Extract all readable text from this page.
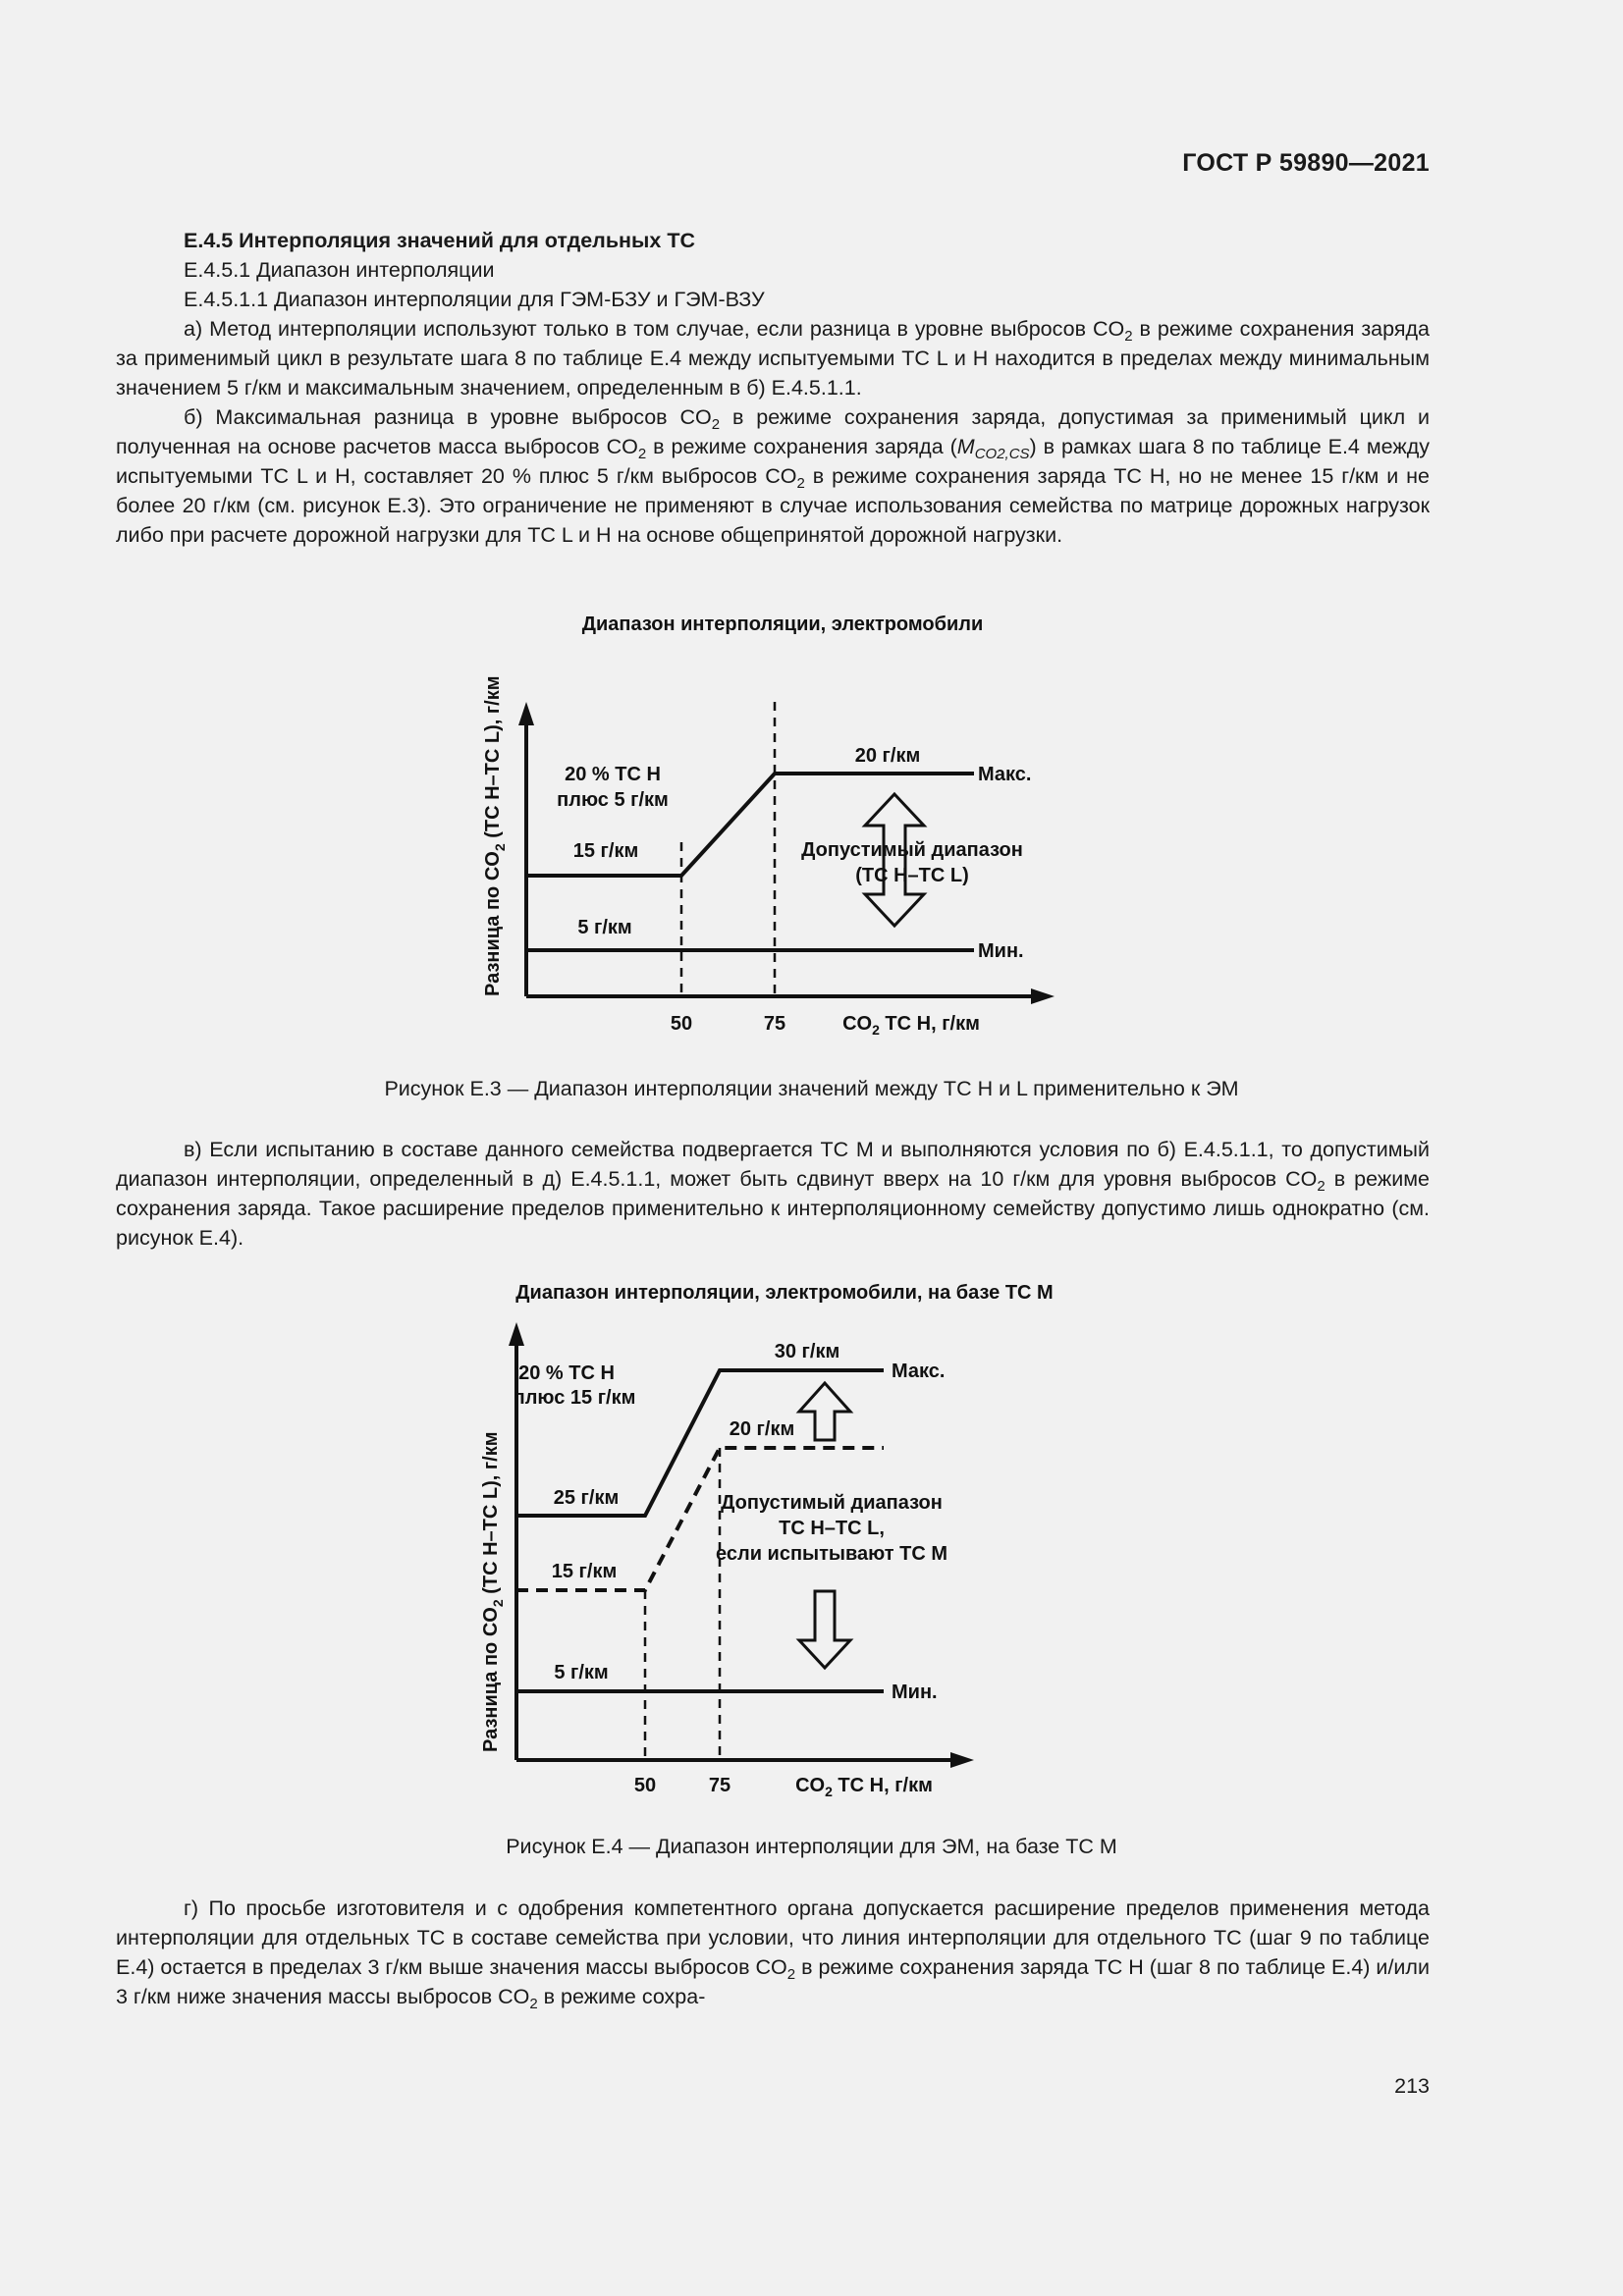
ГОСТ Р 59890—2021

E.4.5 Интерполяция значений для отдельных ТС

E.4.5.1 Диапазон интерполяции

E.4.5.1.1 Диапазон интерполяции для ГЭМ-БЗУ и ГЭМ-ВЗУ

а) Метод интерполяции используют только в том случае, если разница в уровне выбросов $CO_2$ в режиме сохранения заряда за применимый цикл в результате шага 8 по таблице E.4 между испытуемыми ТС L и H находится в пределах между минимальным значением 5 г/км и максимальным значением, определенным в б) E.4.5.1.1.

б) Максимальная разница в уровне выбросов $CO_2$ в режиме сохранения заряда, допустимая за применимый цикл и полученная на основе расчетов масса выбросов $CO_2$ в режиме сохранения заряда $(M_{CO2,CS})$ в рамках шага 8 по таблице E.4 между испытуемыми ТС L и H, составляет 20 % плюс 5 г/км выбросов $CO_2$ в режиме сохранения заряда ТС H, но не менее 15 г/км и не более 20 г/км (см. рисунок E.3). Это ограничение не применяют в случае использования семейства по матрице дорожных нагрузок либо при расчете дорожной нагрузки для ТС L и H на основе общепринятой дорожной нагрузки.

Диапазон интерполяции, электромобили
Разница по $CO_2$ (ТС H–TC L), г/км	20 % ТС H
плюс 5 г/км
20 г/км
15 г/км
5 г/км
Макс.
Мин.
Допустимый диапазон
(ТС H–TC L)
50	75	$CO_2$ ТС H, г/км
Рисунок E.3 — Диапазон интерполяции значений между ТС H и L применительно к ЭМ

в) Если испытанию в составе данного семейства подвергается ТС М и выполняются условия по б) E.4.5.1.1, то допустимый диапазон интерполяции, определенный в д) E.4.5.1.1, может быть сдвинут вверх на 10 г/км для уровня выбросов $CO_2$ в режиме сохранения заряда. Такое расширение пределов применительно к интерполяционному семейству допустимо лишь однократно (см. рисунок E.4).

Диапазон интерполяции, электромобили, на базе ТС М
Разница по $CO_2$ (ТС H–TC L), г/км
20 % ТС H
плюс 15 г/км
30 г/км
20 г/км
25 г/км
15 г/км
5 г/км
Макс.
Мин.
Допустимый диапазон
ТС H–TC L,
если испытывают ТС М
50	75	$CO_2$ ТС H, г/км
Рисунок E.4 — Диапазон интерполяции для ЭМ, на базе ТС М

г) По просьбе изготовителя и с одобрения компетентного органа допускается расширение пределов применения метода интерполяции для отдельных ТС в составе семейства при условии, что линия интерполяции для отдельного ТС (шаг 9 по таблице E.4) остается в пределах 3 г/км выше значения массы выбросов $CO_2$ в режиме сохранения заряда ТС H (шаг 8 по таблице E.4) и/или 3 г/км ниже значения массы выбросов $CO_2$ в режиме сохра-

213
